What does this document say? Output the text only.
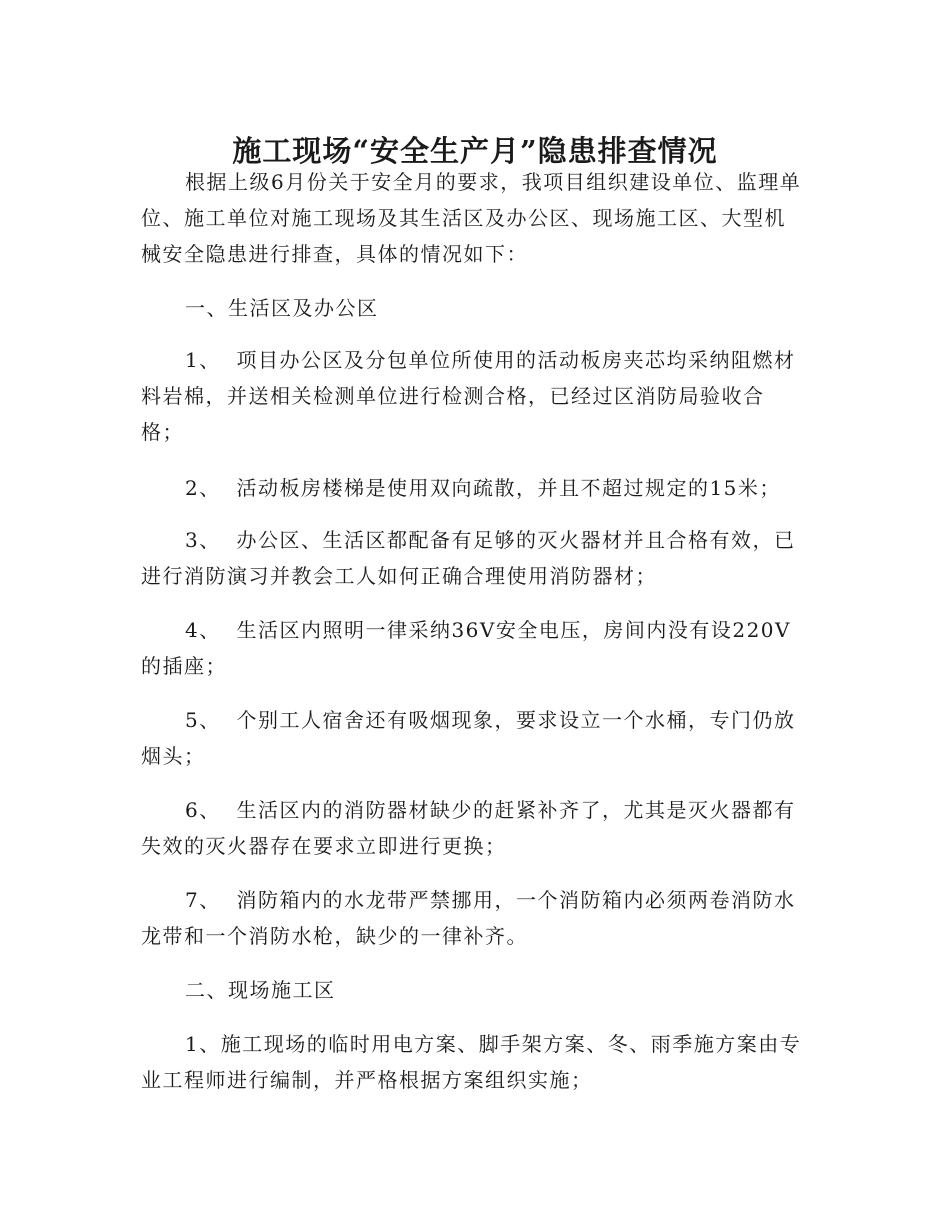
施工现场“安全生产月”隐患排查情况

根据上级6月份关于安全月的要求，我项目组织建设单位、监理单位、施工单位对施工现场及其生活区及办公区、现场施工区、大型机械安全隐患进行排查，具体的情况如下：

一、生活区及办公区

1、 项目办公区及分包单位所使用的活动板房夹芯均采纳阻燃材料岩棉，并送相关检测单位进行检测合格，已经过区消防局验收合格；

2、 活动板房楼梯是使用双向疏散，并且不超过规定的15米；

3、 办公区、生活区都配备有足够的灭火器材并且合格有效，已进行消防演习并教会工人如何正确合理使用消防器材；

4、 生活区内照明一律采纳36V安全电压，房间内没有设220V的插座；

5、 个别工人宿舍还有吸烟现象，要求设立一个水桶，专门仍放烟头；

6、 生活区内的消防器材缺少的赶紧补齐了，尤其是灭火器都有失效的灭火器存在要求立即进行更换；

7、 消防箱内的水龙带严禁挪用，一个消防箱内必须两卷消防水龙带和一个消防水枪，缺少的一律补齐。

二、现场施工区

1、施工现场的临时用电方案、脚手架方案、冬、雨季施方案由专业工程师进行编制，并严格根据方案组织实施；
